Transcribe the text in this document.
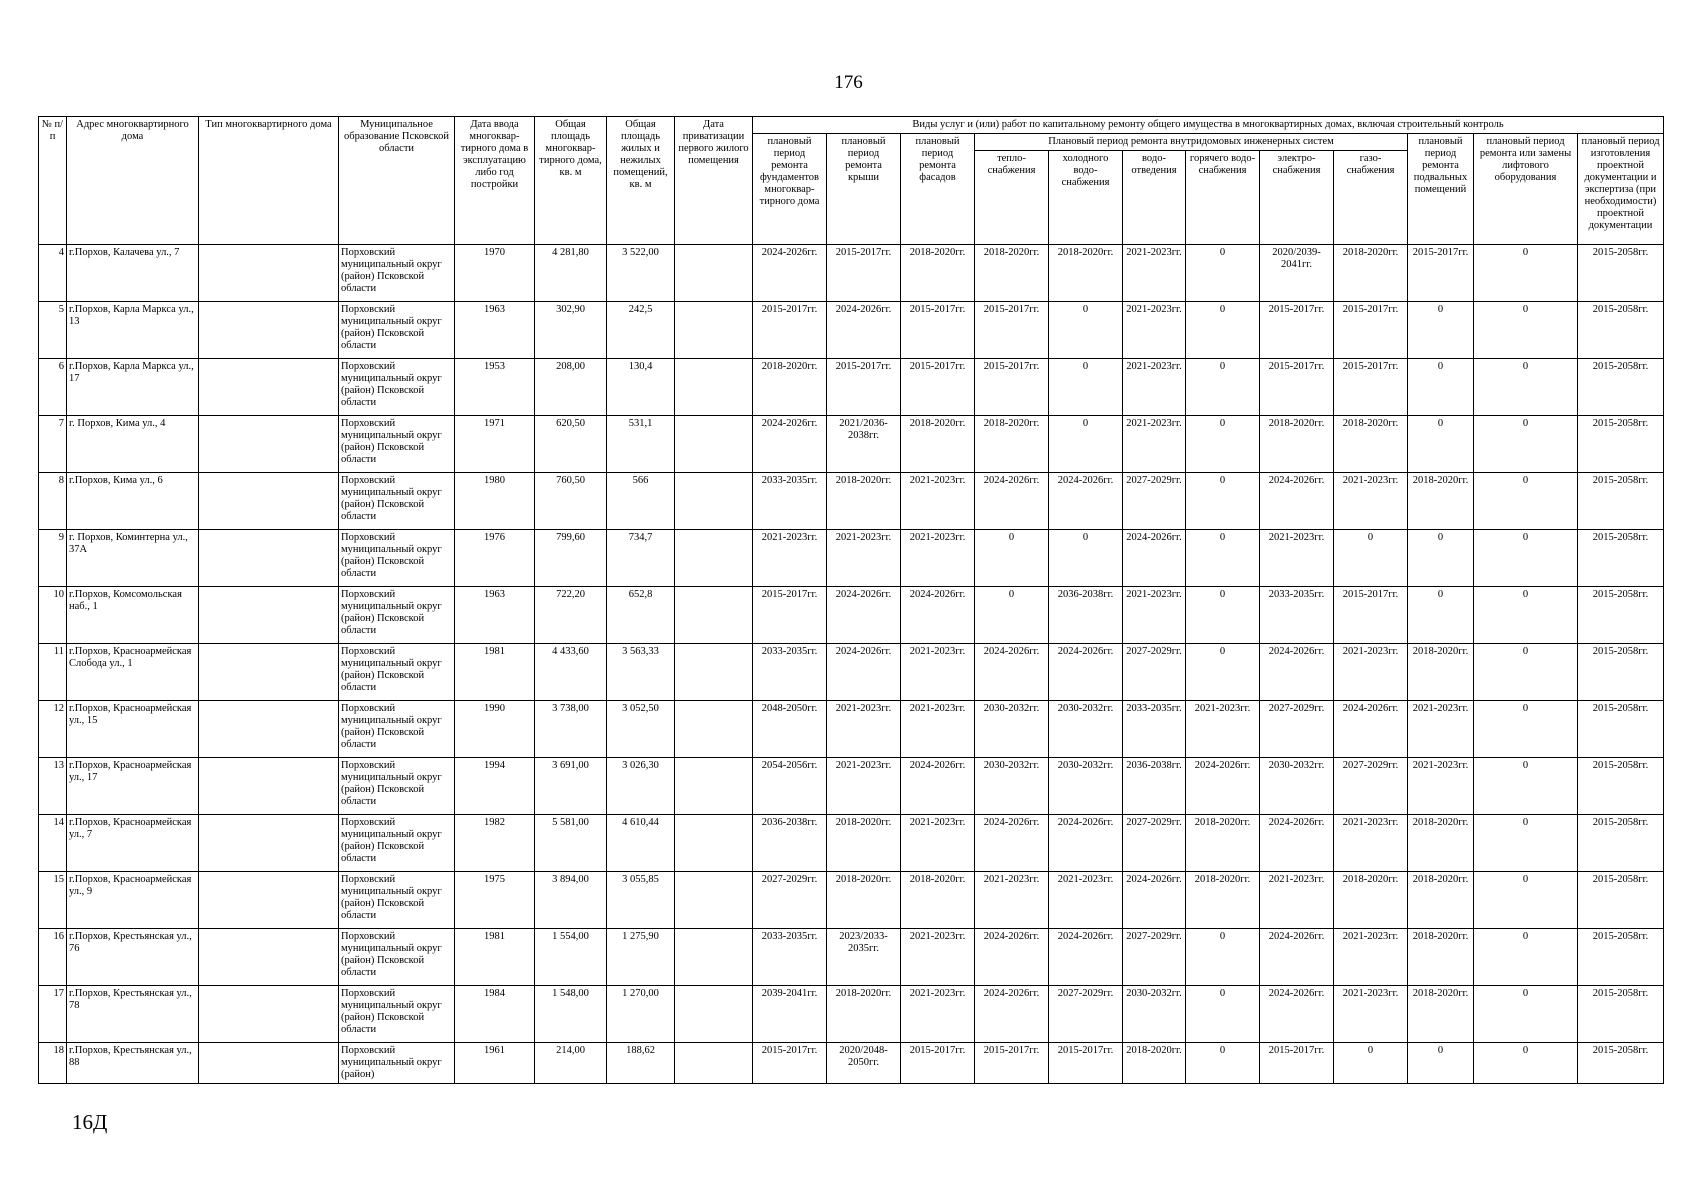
176
№ п/п	Адрес многоквартирного дома	Тип многоквартирного дома	Муниципальное образование Псковской области	Дата ввода многоквар-тирного дома в эксплуатацию либо год постройки	Общая площадь многоквар-тирного дома, кв. м	Общая площадь жилых и нежилых помещений, кв. м	Дата приватизации первого жилого помещения	Виды услуг и (или) работ по капитальному ремонту общего имущества в многоквартирных домах, включая строительный контроль											
								плановый период ремонта фундаментов многоквар-тирного дома	плановый период ремонта крыши	плановый период ремонта фасадов	Плановый период ремонта внутридомовых инженерных систем						плановый период ремонта подвальных помещений	плановый период ремонта или замены лифтового оборудования	плановый период изготовления проектной документации и экспертиза (при необходимости) проектной документации
											тепло-снабжения	холодного водо-снабжения	водо-отведения	горячего водо-снабжения	электро-снабжения	газо-снабжения			
4	г.Порхов, Калачева ул., 7		Порховский муниципальный округ (район) Псковской области	1970	4 281,80	3 522,00		2024-2026гг.	2015-2017гг.	2018-2020гг.	2018-2020гг.	2018-2020гг.	2021-2023гг.	0	2020/2039-2041гг.	2018-2020гг.	2015-2017гг.	0	2015-2058гг.
5	г.Порхов, Карла Маркса ул., 13		Порховский муниципальный округ (район) Псковской области	1963	302,90	242,5		2015-2017гг.	2024-2026гг.	2015-2017гг.	2015-2017гг.	0	2021-2023гг.	0	2015-2017гг.	2015-2017гг.	0	0	2015-2058гг.
6	г.Порхов, Карла Маркса ул., 17		Порховский муниципальный округ (район) Псковской области	1953	208,00	130,4		2018-2020гг.	2015-2017гг.	2015-2017гг.	2015-2017гг.	0	2021-2023гг.	0	2015-2017гг.	2015-2017гг.	0	0	2015-2058гг.
7	г. Порхов, Кима ул., 4		Порховский муниципальный округ (район) Псковской области	1971	620,50	531,1		2024-2026гг.	2021/2036-2038гг.	2018-2020гг.	2018-2020гг.	0	2021-2023гг.	0	2018-2020гг.	2018-2020гг.	0	0	2015-2058гг.
8	г.Порхов, Кима ул., 6		Порховский муниципальный округ (район) Псковской области	1980	760,50	566		2033-2035гг.	2018-2020гг.	2021-2023гг.	2024-2026гг.	2024-2026гг.	2027-2029гг.	0	2024-2026гг.	2021-2023гг.	2018-2020гг.	0	2015-2058гг.
9	г. Порхов, Коминтерна ул., 37А		Порховский муниципальный округ (район) Псковской области	1976	799,60	734,7		2021-2023гг.	2021-2023гг.	2021-2023гг.	0	0	2024-2026гг.	0	2021-2023гг.	0	0	0	2015-2058гг.
10	г.Порхов, Комсомольская наб., 1		Порховский муниципальный округ (район) Псковской области	1963	722,20	652,8		2015-2017гг.	2024-2026гг.	2024-2026гг.	0	2036-2038гг.	2021-2023гг.	0	2033-2035гг.	2015-2017гг.	0	0	2015-2058гг.
11	г.Порхов, Красноармейская Слобода ул., 1		Порховский муниципальный округ (район) Псковской области	1981	4 433,60	3 563,33		2033-2035гг.	2024-2026гг.	2021-2023гг.	2024-2026гг.	2024-2026гг.	2027-2029гг.	0	2024-2026гг.	2021-2023гг.	2018-2020гг.	0	2015-2058гг.
12	г.Порхов, Красноармейская ул., 15		Порховский муниципальный округ (район) Псковской области	1990	3 738,00	3 052,50		2048-2050гг.	2021-2023гг.	2021-2023гг.	2030-2032гг.	2030-2032гг.	2033-2035гг.	2021-2023гг.	2027-2029гг.	2024-2026гг.	2021-2023гг.	0	2015-2058гг.
13	г.Порхов, Красноармейская ул., 17		Порховский муниципальный округ (район) Псковской области	1994	3 691,00	3 026,30		2054-2056гг.	2021-2023гг.	2024-2026гг.	2030-2032гг.	2030-2032гг.	2036-2038гг.	2024-2026гг.	2030-2032гг.	2027-2029гг.	2021-2023гг.	0	2015-2058гг.
14	г.Порхов, Красноармейская ул., 7		Порховский муниципальный округ (район) Псковской области	1982	5 581,00	4 610,44		2036-2038гг.	2018-2020гг.	2021-2023гг.	2024-2026гг.	2024-2026гг.	2027-2029гг.	2018-2020гг.	2024-2026гг.	2021-2023гг.	2018-2020гг.	0	2015-2058гг.
15	г.Порхов, Красноармейская ул., 9		Порховский муниципальный округ (район) Псковской области	1975	3 894,00	3 055,85		2027-2029гг.	2018-2020гг.	2018-2020гг.	2021-2023гг.	2021-2023гг.	2024-2026гг.	2018-2020гг.	2021-2023гг.	2018-2020гг.	2018-2020гг.	0	2015-2058гг.
16	г.Порхов, Крестьянская ул., 76		Порховский муниципальный округ (район) Псковской области	1981	1 554,00	1 275,90		2033-2035гг.	2023/2033-2035гг.	2021-2023гг.	2024-2026гг.	2024-2026гг.	2027-2029гг.	0	2024-2026гг.	2021-2023гг.	2018-2020гг.	0	2015-2058гг.
17	г.Порхов, Крестьянская ул., 78		Порховский муниципальный округ (район) Псковской области	1984	1 548,00	1 270,00		2039-2041гг.	2018-2020гг.	2021-2023гг.	2024-2026гг.	2027-2029гг.	2030-2032гг.	0	2024-2026гг.	2021-2023гг.	2018-2020гг.	0	2015-2058гг.
18	г.Порхов, Крестьянская ул., 88		Порховский муниципальный округ (район)	1961	214,00	188,62		2015-2017гг.	2020/2048-2050гг.	2015-2017гг.	2015-2017гг.	2015-2017гг.	2018-2020гг.	0	2015-2017гг.	0	0	0	2015-2058гг.
16Д
